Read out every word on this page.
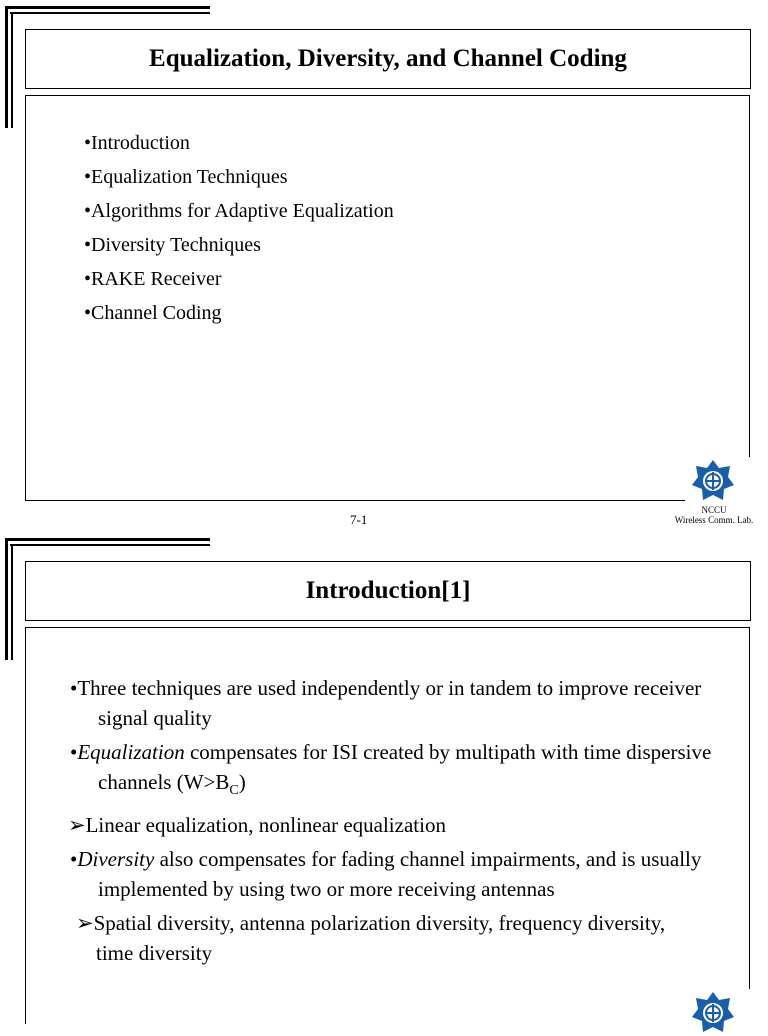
Equalization, Diversity, and Channel Coding
•Introduction
•Equalization Techniques
•Algorithms for Adaptive Equalization
•Diversity Techniques
•RAKE Receiver
•Channel Coding
NCCU
Wireless Comm. Lab.
7-1
Introduction[1]
•Three techniques are used independently or in tandem to improve receiver signal quality
•Equalization compensates for ISI created by multipath with time dispersive channels $(W>B_C)$
➢Linear equalization, nonlinear equalization
•Diversity also compensates for fading channel impairments, and is usually implemented by using two or more receiving antennas
➢Spatial diversity, antenna polarization diversity, frequency diversity, time diversity
